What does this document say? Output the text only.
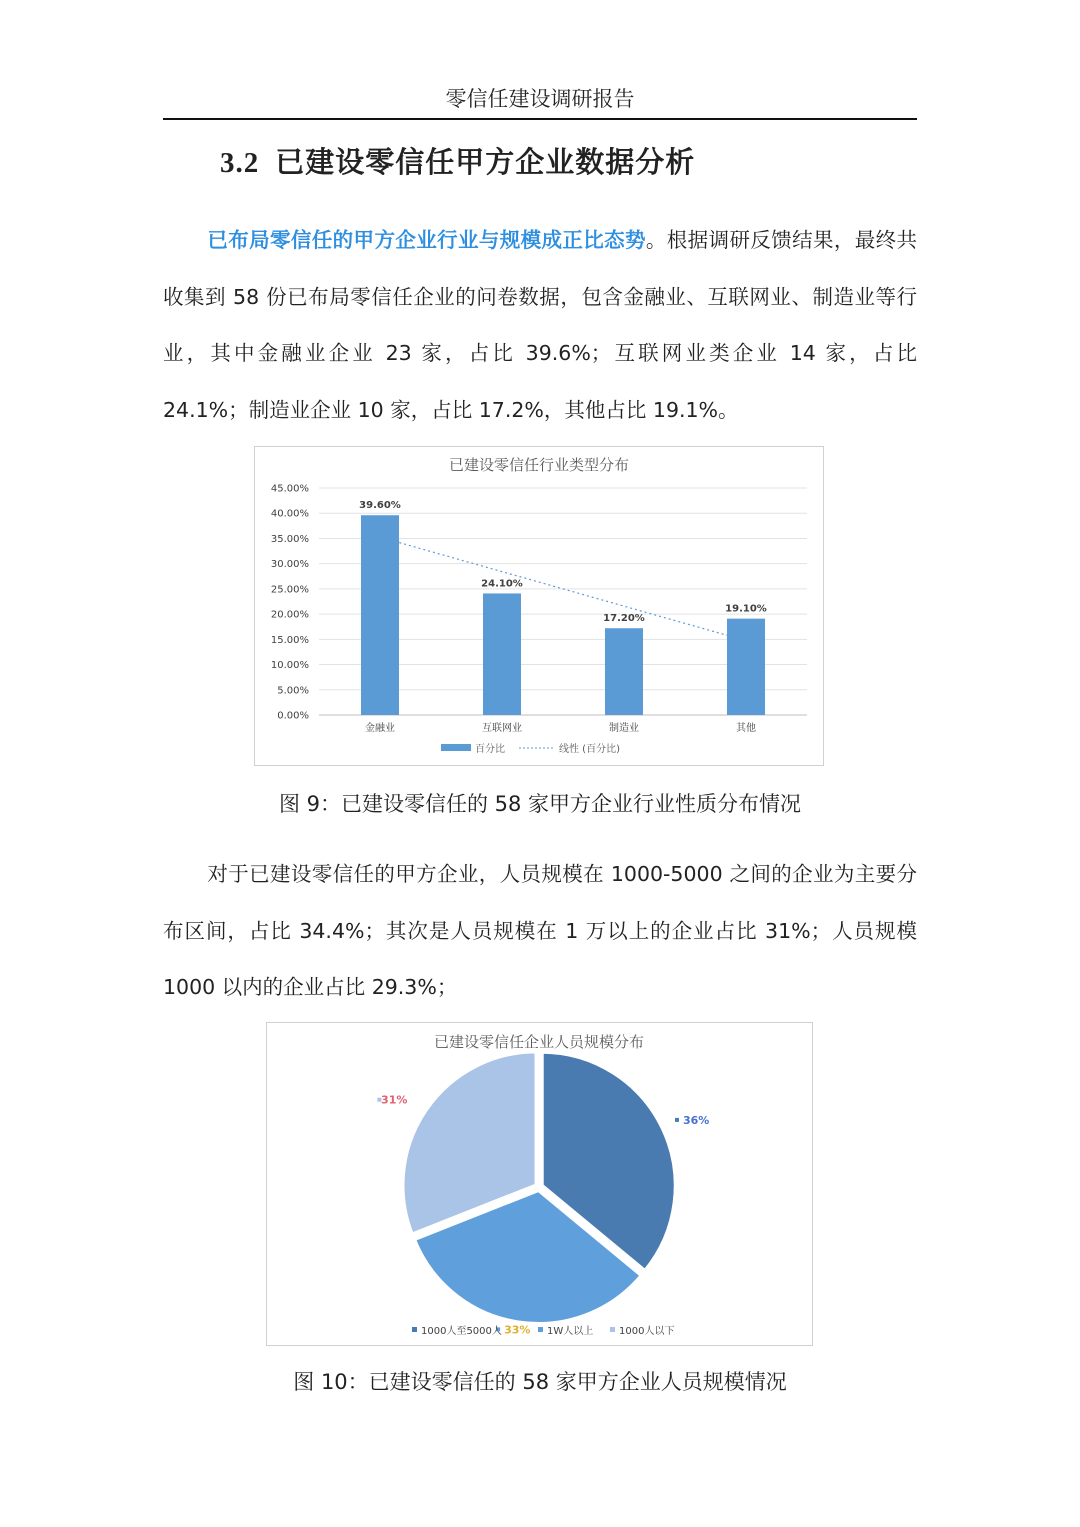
零信任建设调研报告
3.2 已建设零信任甲方企业数据分析

已布局零信任的甲方企业行业与规模成正比态势。根据调研反馈结果，最终共收集到 58 份已布局零信任企业的问卷数据，包含金融业、互联网业、制造业等行业，其中金融业企业 23 家，占比 39.6%；互联网业类企业 14 家，占比 24.1%；制造业企业 10 家，占比 17.2%，其他占比 19.1%。

已建设零信任行业类型分布
0.00%
5.00%
10.00%
15.00%
20.00%
25.00%
30.00%
35.00%
40.00%
45.00%
金融业	互联网业	制造业	其他
39.60%
24.10%
17.20%
19.10%
百分比	线性 (百分比)
图 9：已建设零信任的 58 家甲方企业行业性质分布情况

对于已建设零信任的甲方企业，人员规模在 1000-5000 之间的企业为主要分布区间，占比 34.4%；其次是人员规模在 1 万以上的企业占比 31%；人员规模 1000 以内的企业占比 29.3%；

已建设零信任企业人员规模分布
36%
33%
31%
1000人至5000人	1W人以上	1000人以下
图 10：已建设零信任的 58 家甲方企业人员规模情况
